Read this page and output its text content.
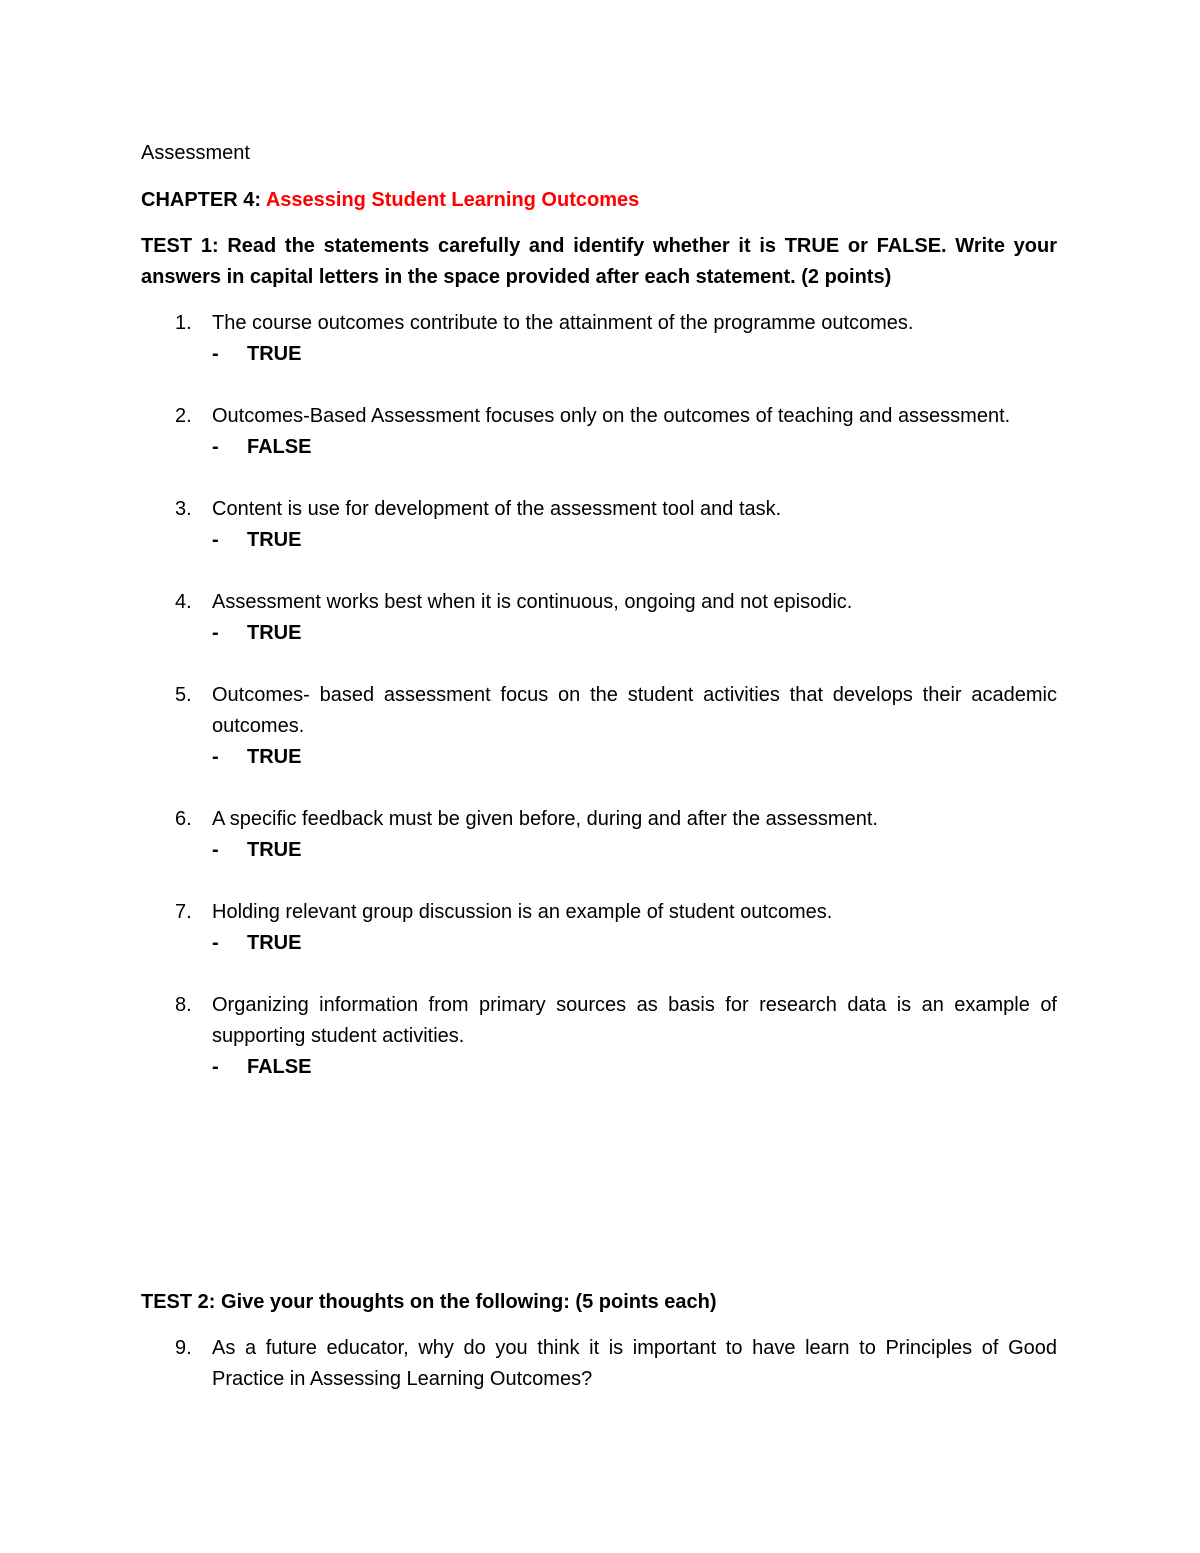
Assessment

CHAPTER 4: Assessing Student Learning Outcomes

TEST 1: Read the statements carefully and identify whether it is TRUE or FALSE. Write your answers in capital letters in the space provided after each statement. (2 points)

1. The course outcomes contribute to the attainment of the programme outcomes.
- TRUE
2. Outcomes-Based Assessment focuses only on the outcomes of teaching and assessment.
- FALSE
3. Content is use for development of the assessment tool and task.
- TRUE
4. Assessment works best when it is continuous, ongoing and not episodic.
- TRUE
5. Outcomes- based assessment focus on the student activities that develops their academic outcomes.
- TRUE
6. A specific feedback must be given before, during and after the assessment.
- TRUE
7. Holding relevant group discussion is an example of student outcomes.
- TRUE
8. Organizing information from primary sources as basis for research data is an example of supporting student activities.
- FALSE

TEST 2: Give your thoughts on the following: (5 points each)

9. As a future educator, why do you think it is important to have learn to Principles of Good Practice in Assessing Learning Outcomes?
